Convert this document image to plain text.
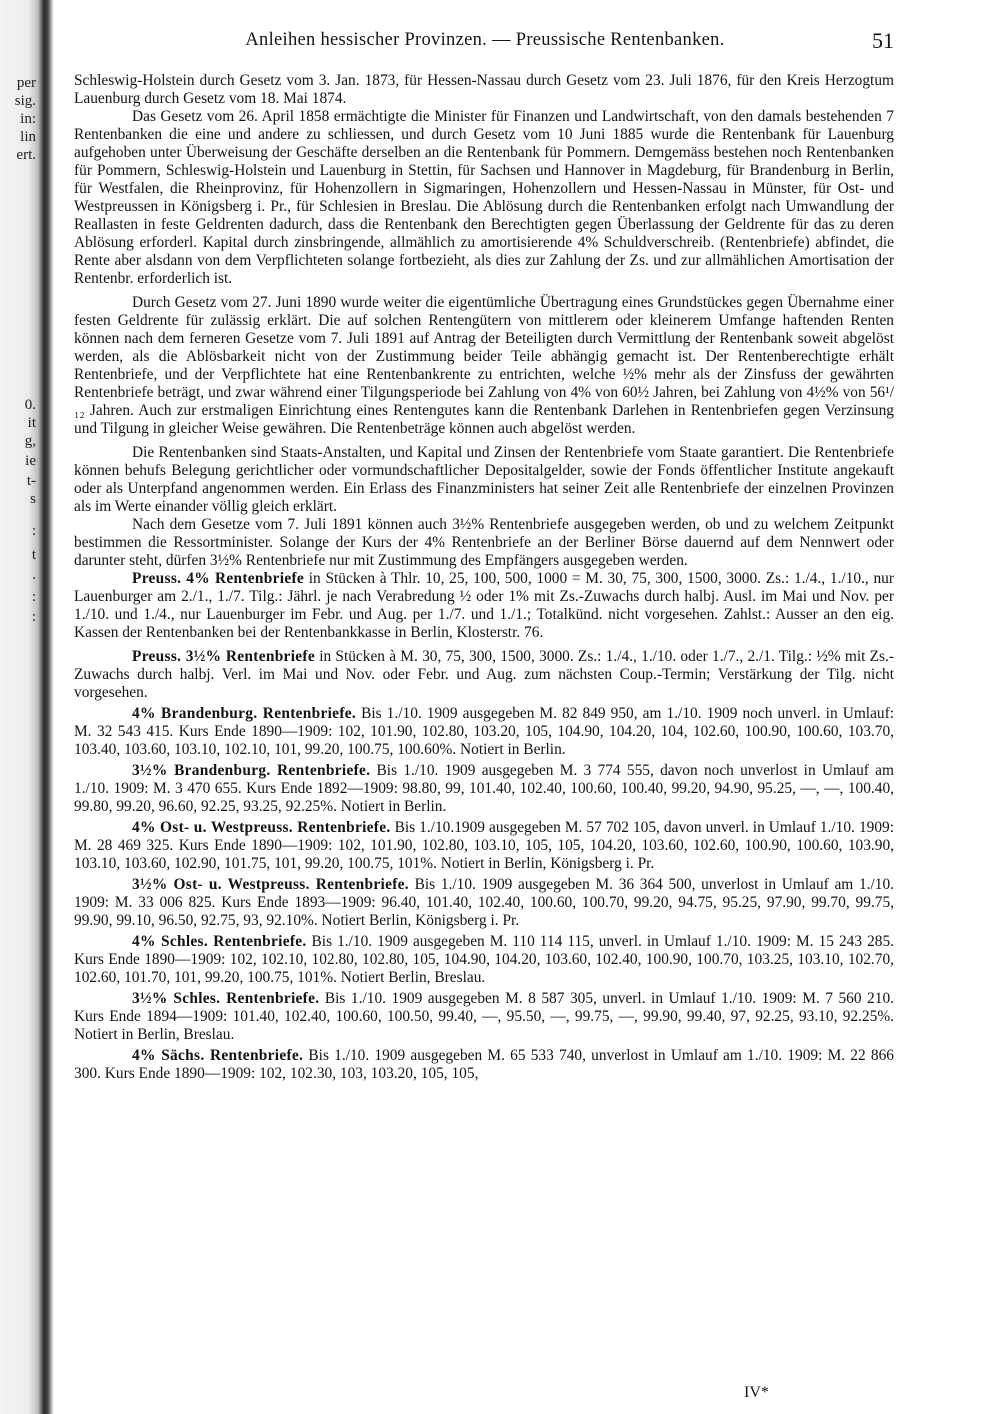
per
sig.
in:
lin
ert.
0.
it
g,
ie
t-
s
:
t
.
:
:
Anleihen hessischer Provinzen. — Preussische Rentenbanken.	51

Schleswig-Holstein durch Gesetz vom 3. Jan. 1873, für Hessen-Nassau durch Gesetz vom 23. Juli 1876, für den Kreis Herzogtum Lauenburg durch Gesetz vom 18. Mai 1874.

Das Gesetz vom 26. April 1858 ermächtigte die Minister für Finanzen und Landwirtschaft, von den damals bestehenden 7 Rentenbanken die eine und andere zu schliessen, und durch Gesetz vom 10 Juni 1885 wurde die Rentenbank für Lauenburg aufgehoben unter Überweisung der Geschäfte derselben an die Rentenbank für Pommern. Demgemäss bestehen noch Rentenbanken für Pommern, Schleswig-Holstein und Lauenburg in Stettin, für Sachsen und Hannover in Magdeburg, für Brandenburg in Berlin, für Westfalen, die Rheinprovinz, für Hohenzollern in Sigmaringen, Hohenzollern und Hessen-Nassau in Münster, für Ost- und Westpreussen in Königsberg i. Pr., für Schlesien in Breslau. Die Ablösung durch die Rentenbanken erfolgt nach Umwandlung der Reallasten in feste Geldrenten dadurch, dass die Rentenbank den Berechtigten gegen Überlassung der Geldrente für das zu deren Ablösung erforderl. Kapital durch zinsbringende, allmählich zu amortisierende 4% Schuldverschreib. (Rentenbriefe) abfindet, die Rente aber alsdann von dem Verpflichteten solange fortbezieht, als dies zur Zahlung der Zs. und zur allmählichen Amortisation der Rentenbr. erforderlich ist.

Durch Gesetz vom 27. Juni 1890 wurde weiter die eigentümliche Übertragung eines Grundstückes gegen Übernahme einer festen Geldrente für zulässig erklärt. Die auf solchen Rentengütern von mittlerem oder kleinerem Umfange haftenden Renten können nach dem ferneren Gesetze vom 7. Juli 1891 auf Antrag der Beteiligten durch Vermittlung der Rentenbank soweit abgelöst werden, als die Ablösbarkeit nicht von der Zustimmung beider Teile abhängig gemacht ist. Der Rentenberechtigte erhält Rentenbriefe, und der Verpflichtete hat eine Rentenbankrente zu entrichten, welche ½% mehr als der Zinsfuss der gewährten Rentenbriefe beträgt, und zwar während einer Tilgungsperiode bei Zahlung von 4% von 60½ Jahren, bei Zahlung von 4½% von 56¹/₁₂ Jahren. Auch zur erstmaligen Einrichtung eines Rentengutes kann die Rentenbank Darlehen in Rentenbriefen gegen Verzinsung und Tilgung in gleicher Weise gewähren. Die Rentenbeträge können auch abgelöst werden.

Die Rentenbanken sind Staats-Anstalten, und Kapital und Zinsen der Rentenbriefe vom Staate garantiert. Die Rentenbriefe können behufs Belegung gerichtlicher oder vormundschaftlicher Depositalgelder, sowie der Fonds öffentlicher Institute angekauft oder als Unterpfand angenommen werden. Ein Erlass des Finanzministers hat seiner Zeit alle Rentenbriefe der einzelnen Provinzen als im Werte einander völlig gleich erklärt.

Nach dem Gesetze vom 7. Juli 1891 können auch 3½% Rentenbriefe ausgegeben werden, ob und zu welchem Zeitpunkt bestimmen die Ressortminister. Solange der Kurs der 4% Rentenbriefe an der Berliner Börse dauernd auf dem Nennwert oder darunter steht, dürfen 3½% Rentenbriefe nur mit Zustimmung des Empfängers ausgegeben werden.

Preuss. 4% Rentenbriefe in Stücken à Thlr. 10, 25, 100, 500, 1000 = M. 30, 75, 300, 1500, 3000. Zs.: 1./4., 1./10., nur Lauenburger am 2./1., 1./7. Tilg.: Jährl. je nach Verabredung ½ oder 1% mit Zs.-Zuwachs durch halbj. Ausl. im Mai und Nov. per 1./10. und 1./4., nur Lauenburger im Febr. und Aug. per 1./7. und 1./1.; Totalkünd. nicht vorgesehen. Zahlst.: Ausser an den eig. Kassen der Rentenbanken bei der Rentenbankkasse in Berlin, Klosterstr. 76.

Preuss. 3½% Rentenbriefe in Stücken à M. 30, 75, 300, 1500, 3000. Zs.: 1./4., 1./10. oder 1./7., 2./1. Tilg.: ½% mit Zs.-Zuwachs durch halbj. Verl. im Mai und Nov. oder Febr. und Aug. zum nächsten Coup.-Termin; Verstärkung der Tilg. nicht vorgesehen.

4% Brandenburg. Rentenbriefe. Bis 1./10. 1909 ausgegeben M. 82 849 950, am 1./10. 1909 noch unverl. in Umlauf: M. 32 543 415. Kurs Ende 1890—1909: 102, 101.90, 102.80, 103.20, 105, 104.90, 104.20, 104, 102.60, 100.90, 100.60, 103.70, 103.40, 103.60, 103.10, 102.10, 101, 99.20, 100.75, 100.60%. Notiert in Berlin.

3½% Brandenburg. Rentenbriefe. Bis 1./10. 1909 ausgegeben M. 3 774 555, davon noch unverlost in Umlauf am 1./10. 1909: M. 3 470 655. Kurs Ende 1892—1909: 98.80, 99, 101.40, 102.40, 100.60, 100.40, 99.20, 94.90, 95.25, —, —, 100.40, 99.80, 99.20, 96.60, 92.25, 93.25, 92.25%. Notiert in Berlin.

4% Ost- u. Westpreuss. Rentenbriefe. Bis 1./10.1909 ausgegeben M. 57 702 105, davon unverl. in Umlauf 1./10. 1909: M. 28 469 325. Kurs Ende 1890—1909: 102, 101.90, 102.80, 103.10, 105, 105, 104.20, 103.60, 102.60, 100.90, 100.60, 103.90, 103.10, 103.60, 102.90, 101.75, 101, 99.20, 100.75, 101%. Notiert in Berlin, Königsberg i. Pr.

3½% Ost- u. Westpreuss. Rentenbriefe. Bis 1./10. 1909 ausgegeben M. 36 364 500, unverlost in Umlauf am 1./10. 1909: M. 33 006 825. Kurs Ende 1893—1909: 96.40, 101.40, 102.40, 100.60, 100.70, 99.20, 94.75, 95.25, 97.90, 99.70, 99.75, 99.90, 99.10, 96.50, 92.75, 93, 92.10%. Notiert Berlin, Königsberg i. Pr.

4% Schles. Rentenbriefe. Bis 1./10. 1909 ausgegeben M. 110 114 115, unverl. in Umlauf 1./10. 1909: M. 15 243 285. Kurs Ende 1890—1909: 102, 102.10, 102.80, 102.80, 105, 104.90, 104.20, 103.60, 102.40, 100.90, 100.70, 103.25, 103.10, 102.70, 102.60, 101.70, 101, 99.20, 100.75, 101%. Notiert Berlin, Breslau.

3½% Schles. Rentenbriefe. Bis 1./10. 1909 ausgegeben M. 8 587 305, unverl. in Umlauf 1./10. 1909: M. 7 560 210. Kurs Ende 1894—1909: 101.40, 102.40, 100.60, 100.50, 99.40, —, 95.50, —, 99.75, —, 99.90, 99.40, 97, 92.25, 93.10, 92.25%. Notiert in Berlin, Breslau.

4% Sächs. Rentenbriefe. Bis 1./10. 1909 ausgegeben M. 65 533 740, unverlost in Umlauf am 1./10. 1909: M. 22 866 300. Kurs Ende 1890—1909: 102, 102.30, 103, 103.20, 105, 105,

IV*
